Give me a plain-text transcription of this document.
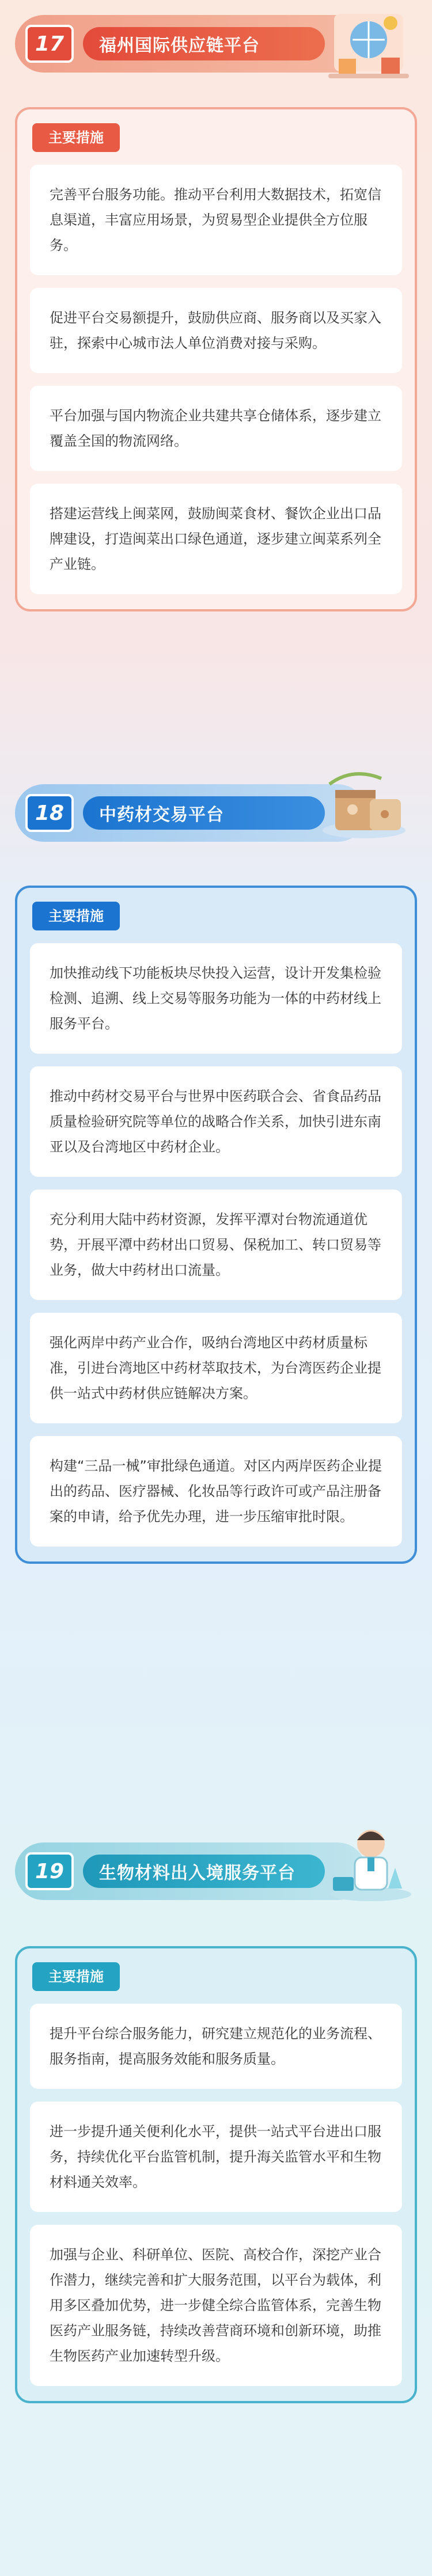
17	福州国际供应链平台
主要措施
完善平台服务功能。推动平台利用大数据技术，拓宽信息渠道，丰富应用场景，为贸易型企业提供全方位服务。
促进平台交易额提升，鼓励供应商、服务商以及买家入驻，探索中心城市法人单位消费对接与采购。
平台加强与国内物流企业共建共享仓储体系，逐步建立覆盖全国的物流网络。
搭建运营线上闽菜网，鼓励闽菜食材、餐饮企业出口品牌建设，打造闽菜出口绿色通道，逐步建立闽菜系列全产业链。
18	中药材交易平台
主要措施
加快推动线下功能板块尽快投入运营，设计开发集检验检测、追溯、线上交易等服务功能为一体的中药材线上服务平台。
推动中药材交易平台与世界中医药联合会、省食品药品质量检验研究院等单位的战略合作关系，加快引进东南亚以及台湾地区中药材企业。
充分利用大陆中药材资源，发挥平潭对台物流通道优势，开展平潭中药材出口贸易、保税加工、转口贸易等业务，做大中药材出口流量。
强化两岸中药产业合作，吸纳台湾地区中药材质量标准，引进台湾地区中药材萃取技术，为台湾医药企业提供一站式中药材供应链解决方案。
构建“三品一械”审批绿色通道。对区内两岸医药企业提出的药品、医疗器械、化妆品等行政许可或产品注册备案的申请，给予优先办理，进一步压缩审批时限。
19	生物材料出入境服务平台
主要措施
提升平台综合服务能力，研究建立规范化的业务流程、服务指南，提高服务效能和服务质量。
进一步提升通关便利化水平，提供一站式平台进出口服务，持续优化平台监管机制，提升海关监管水平和生物材料通关效率。
加强与企业、科研单位、医院、高校合作，深挖产业合作潜力，继续完善和扩大服务范围，以平台为载体，利用多区叠加优势，进一步健全综合监管体系，完善生物医药产业服务链，持续改善营商环境和创新环境，助推生物医药产业加速转型升级。
